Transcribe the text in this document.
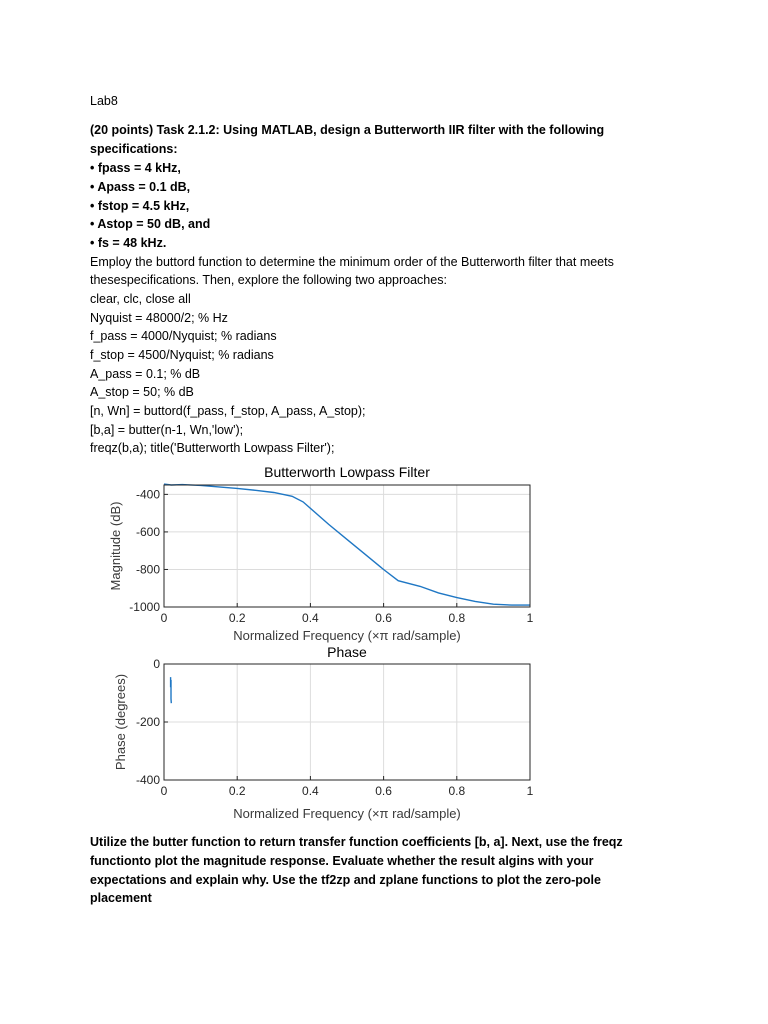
Lab8
(20 points) Task 2.1.2: Using MATLAB, design a Butterworth IIR filter with the following
specifications:
• fpass = 4 kHz,
• Apass = 0.1 dB,
• fstop = 4.5 kHz,
• Astop = 50 dB, and
• fs = 48 kHz.
Employ the buttord function to determine the minimum order of the Butterworth filter that meets
thesespecifications. Then, explore the following two approaches:
clear, clc, close all
Nyquist = 48000/2; % Hz
f_pass = 4000/Nyquist; % radians
f_stop = 4500/Nyquist; % radians
A_pass = 0.1; % dB
A_stop = 50; % dB
[n, Wn] = buttord(f_pass, f_stop, A_pass, A_stop);
[b,a] = butter(n-1, Wn,'low');
freqz(b,a); title('Butterworth Lowpass Filter');
0	0.2	0.4	0.6	0.8	1
-400
-600
-800
-1000
Butterworth Lowpass Filter
Normalized Frequency (×π rad/sample)
Magnitude (dB)
0	0.2	0.4	0.6	0.8	1
0
-200
-400
Phase
Normalized Frequency (×π rad/sample)
Phase (degrees)
Utilize the butter function to return transfer function coefficients [b, a]. Next, use the freqz
functionto plot the magnitude response. Evaluate whether the result algins with your
expectations and explain why. Use the tf2zp and zplane functions to plot the zero-pole
placement
